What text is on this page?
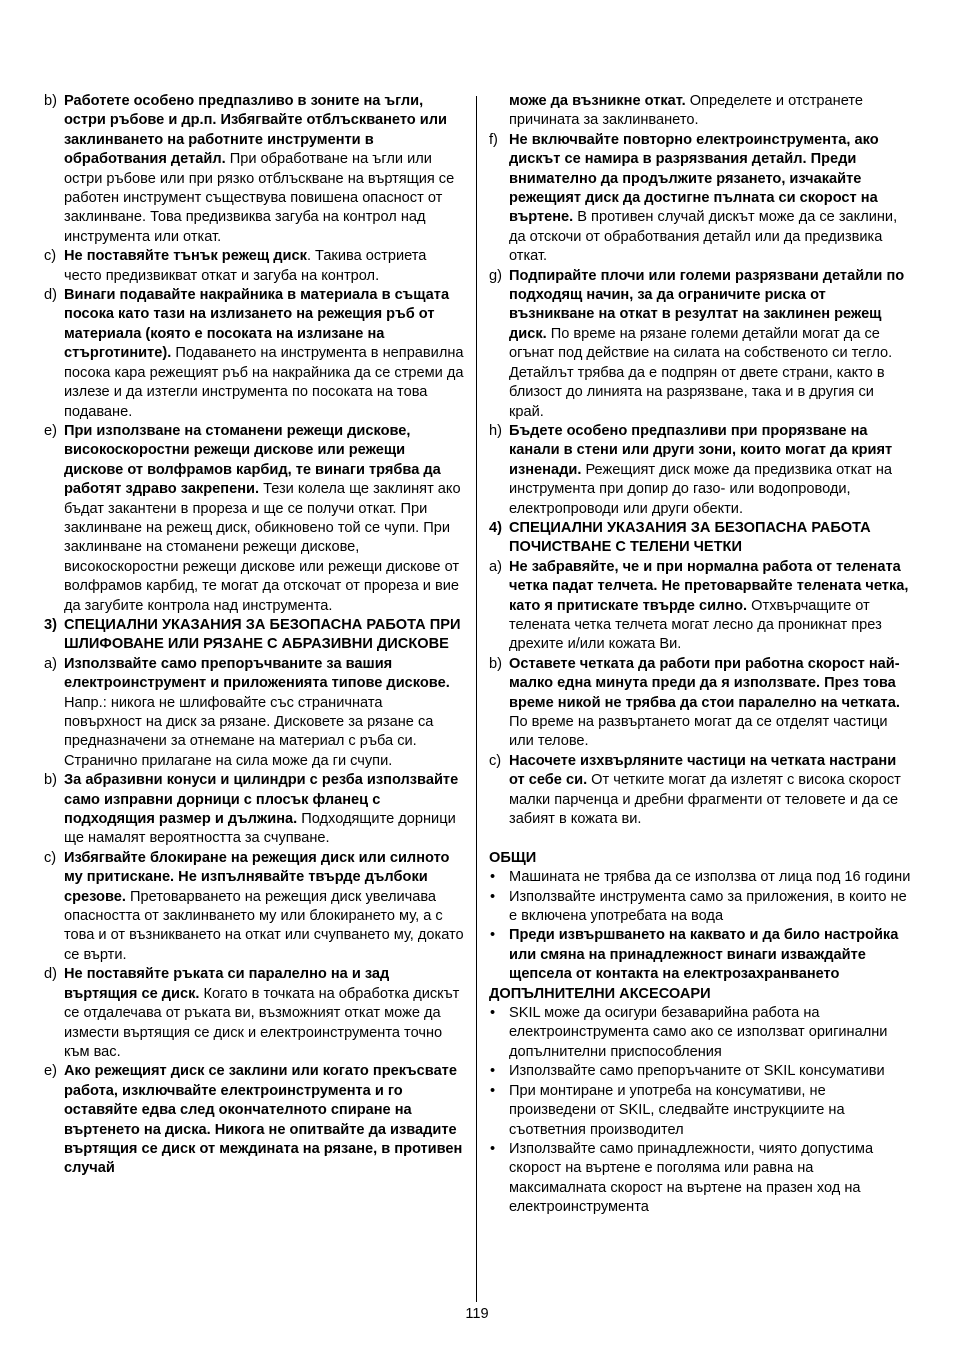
b) Работете особено предпазливо в зоните на ъгли, остри ръбове и др.п. Избягвайте отблъскването или заклинването на работните инструменти в обработвания детайл. При обработване на ъгли или остри ръбове или при рязко отблъскване на въртящия се работен инструмент съществува повишена опасност от заклинване. Това предизвиква загуба на контрол над инструмента или откат.
c) Не поставяйте тънък режещ диск. Такива остриета често предизвикват откат и загуба на контрол.
d) Винаги подавайте накрайника в материала в същата посока като тази на излизането на режещия ръб от материала (която е посоката на излизане на стърготините). Подаването на инструмента в неправилна посока кара режещият ръб на накрайника да се стреми да излезе и да изтегли инструмента по посоката на това подаване.
e) При използване на стоманени режещи дискове, високоскоростни режещи дискове или режещи дискове от волфрамов карбид, те винаги трябва да работят здраво закрепени. Тези колела ще заклинят ако бъдат закантени в прореза и ще се получи откат. При заклинване на режещ диск, обикновено той се чупи. При заклинване на стоманени режещи дискове, високоскоростни режещи дискове или режещи дискове от волфрамов карбид, те могат да отскочат от прореза и вие да загубите контрола над инструмента.
3) СПЕЦИАЛНИ УКАЗАНИЯ ЗА БЕЗОПАСНА РАБОТА ПРИ ШЛИФОВАНЕ ИЛИ РЯЗАНЕ С АБРАЗИВНИ ДИСКОВЕ
a) Използвайте само препоръчваните за вашия електроинструмент и приложенията типове дискове. Напр.: никога не шлифовайте със страничната повърхност на диск за рязане. Дисковете за рязане са предназначени за отнемане на материал с ръба си. Странично прилагане на сила може да ги счупи.
b) За абразивни конуси и цилиндри с резба използвайте само изправни дорници с плосък фланец с подходящия размер и дължина. Подходящите дорници ще намалят вероятността за счупване.
c) Избягвайте блокиране на режещия диск или силното му притискане. Не изпълнявайте твърде дълбоки срезове. Претоварването на режещия диск увеличава опасността от заклинването му или блокирането му, а с това и от възникването на откат или счупването му, докато се върти.
d) Не поставяйте ръката си паралелно на и зад въртящия се диск. Когато в точката на обработка дискът се отдалечава от ръката ви, възможният откат може да измести въртящия се диск и електроинструмента точно към вас.
e) Ако режещият диск се заклини или когато прекъсвате работа, изключвайте електроинструмента и го оставяйте едва след окончателното спиране на въртенето на диска. Никога не опитвайте да извадите въртящия се диск от междината на рязане, в противен случай
може да възникне откат. Определете и отстранете причината за заклинването.
f) Не включвайте повторно електроинструмента, ако дискът се намира в разрязвания детайл. Преди внимателно да продължите рязането, изчакайте режещият диск да достигне пълната си скорост на въртене. В противен случай дискът може да се заклини, да отскочи от обработвания детайл или да предизвика откат.
g) Подпирайте плочи или големи разрязвани детайли по подходящ начин, за да ограничите риска от възникване на откат в резултат на заклинен режещ диск. По време на рязане големи детайли могат да се огънат под действие на силата на собственото си тегло. Детайлът трябва да е подпрян от двете страни, както в близост до линията на разрязване, така и в другия си край.
h) Бъдете особено предпазливи при прорязване на канали в стени или други зони, които могат да крият изненади. Режещият диск може да предизвика откат на инструмента при допир до газо- или водопроводи, електропроводи или други обекти.
4) СПЕЦИАЛНИ УКАЗАНИЯ ЗА БЕЗОПАСНА РАБОТА ПОЧИСТВАНЕ С ТЕЛЕНИ ЧЕТКИ
a) Не забравяйте, че и при нормална работа от телената четка падат телчета. Не претоварвайте телената четка, като я притискате твърде силно. Отхвърчащите от телената четка телчета могат лесно да проникнат през дрехите и/или кожата Ви.
b) Оставете четката да работи при работна скорост най-малко една минута преди да я използвате. През това време никой не трябва да стои паралелно на четката. По време на развъртането могат да се отделят частици или телове.
c) Насочете изхвърляните частици на четката настрани от себе си. От четките могат да излетят с висока скорост малки парченца и дребни фрагменти от теловете и да се забият в кожата ви.
ОБЩИ
• Машината не трябва да се използва от лица под 16 години
• Използвайте инструмента само за приложения, в които не е включена употребата на вода
• Преди извършването на каквато и да било настройка или смяна на принадлежност винаги изваждайте щепсела от контакта на електрозахранването
ДОПЪЛНИТЕЛНИ АКСЕСОАРИ
• SKIL може да осигури безаварийна работа на електроинструмента само ако се използват оригинални допълнителни приспособления
• Използвайте само препоръчаните от SKIL консумативи
• При монтиране и употреба на консумативи, не произведени от SKIL, следвайте инструкциите на съответния производител
• Използвайте само принадлежности, чиято допустима скорост на въртене е поголяма или равна на максималната скорост на въртене на празен ход на електроинструмента
119
